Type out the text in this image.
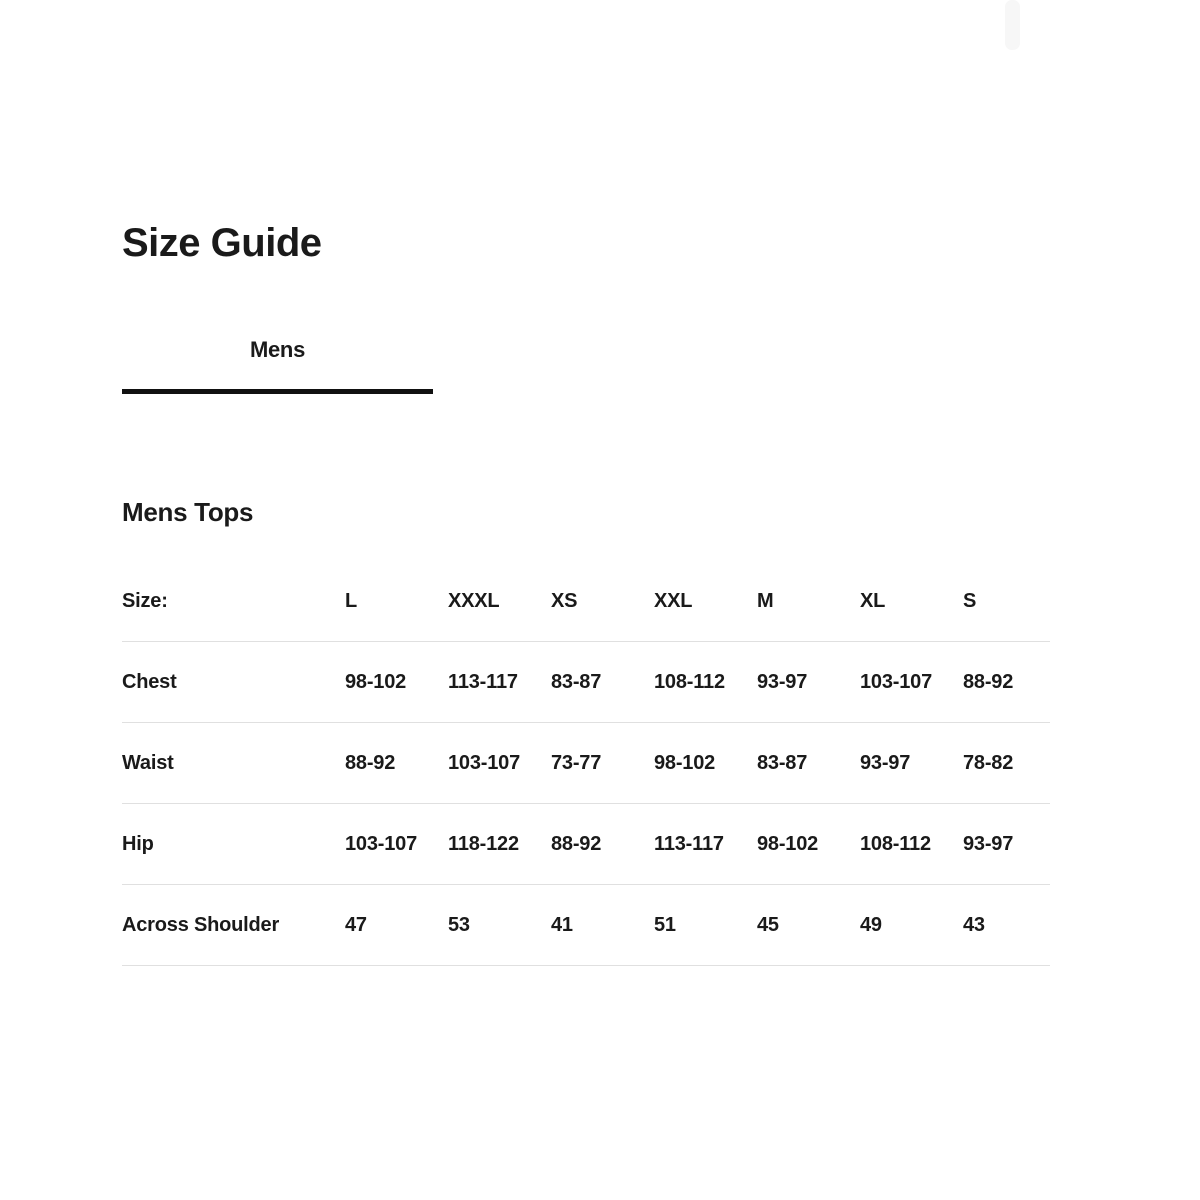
Size Guide
Mens
Mens Tops
Size:	L	XXXL	XS	XXL	M	XL	S
Chest	98-102	113-117	83-87	108-112	93-97	103-107	88-92
Waist	88-92	103-107	73-77	98-102	83-87	93-97	78-82
Hip	103-107	118-122	88-92	113-117	98-102	108-112	93-97
Across Shoulder	47	53	41	51	45	49	43
